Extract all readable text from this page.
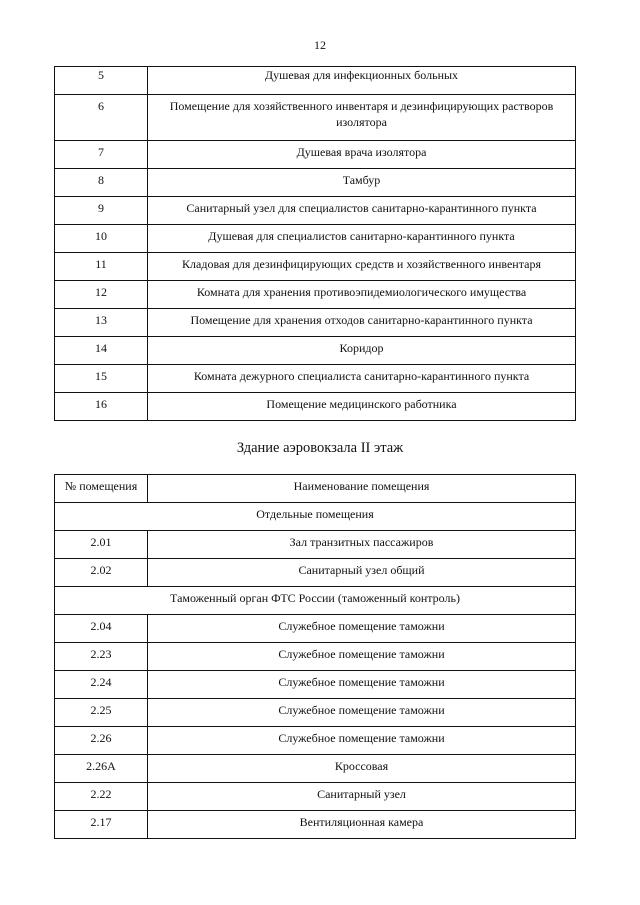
12
5	Душевая для инфекционных больных
6	Помещение для хозяйственного инвентаря и дезинфицирующих растворов изолятора
7	Душевая врача изолятора
8	Тамбур
9	Санитарный узел для специалистов санитарно-карантинного пункта
10	Душевая для специалистов санитарно-карантинного пункта
11	Кладовая для дезинфицирующих средств и хозяйственного инвентаря
12	Комната для хранения противоэпидемиологического имущества
13	Помещение для хранения отходов санитарно-карантинного пункта
14	Коридор
15	Комната дежурного специалиста санитарно-карантинного пункта
16	Помещение медицинского работника
Здание аэровокзала II этаж
№ помещения	Наименование помещения
Отдельные помещения	
2.01	Зал транзитных пассажиров
2.02	Санитарный узел общий
Таможенный орган ФТС России (таможенный контроль)	
2.04	Служебное помещение таможни
2.23	Служебное помещение таможни
2.24	Служебное помещение таможни
2.25	Служебное помещение таможни
2.26	Служебное помещение таможни
2.26А	Кроссовая
2.22	Санитарный узел
2.17	Вентиляционная камера
